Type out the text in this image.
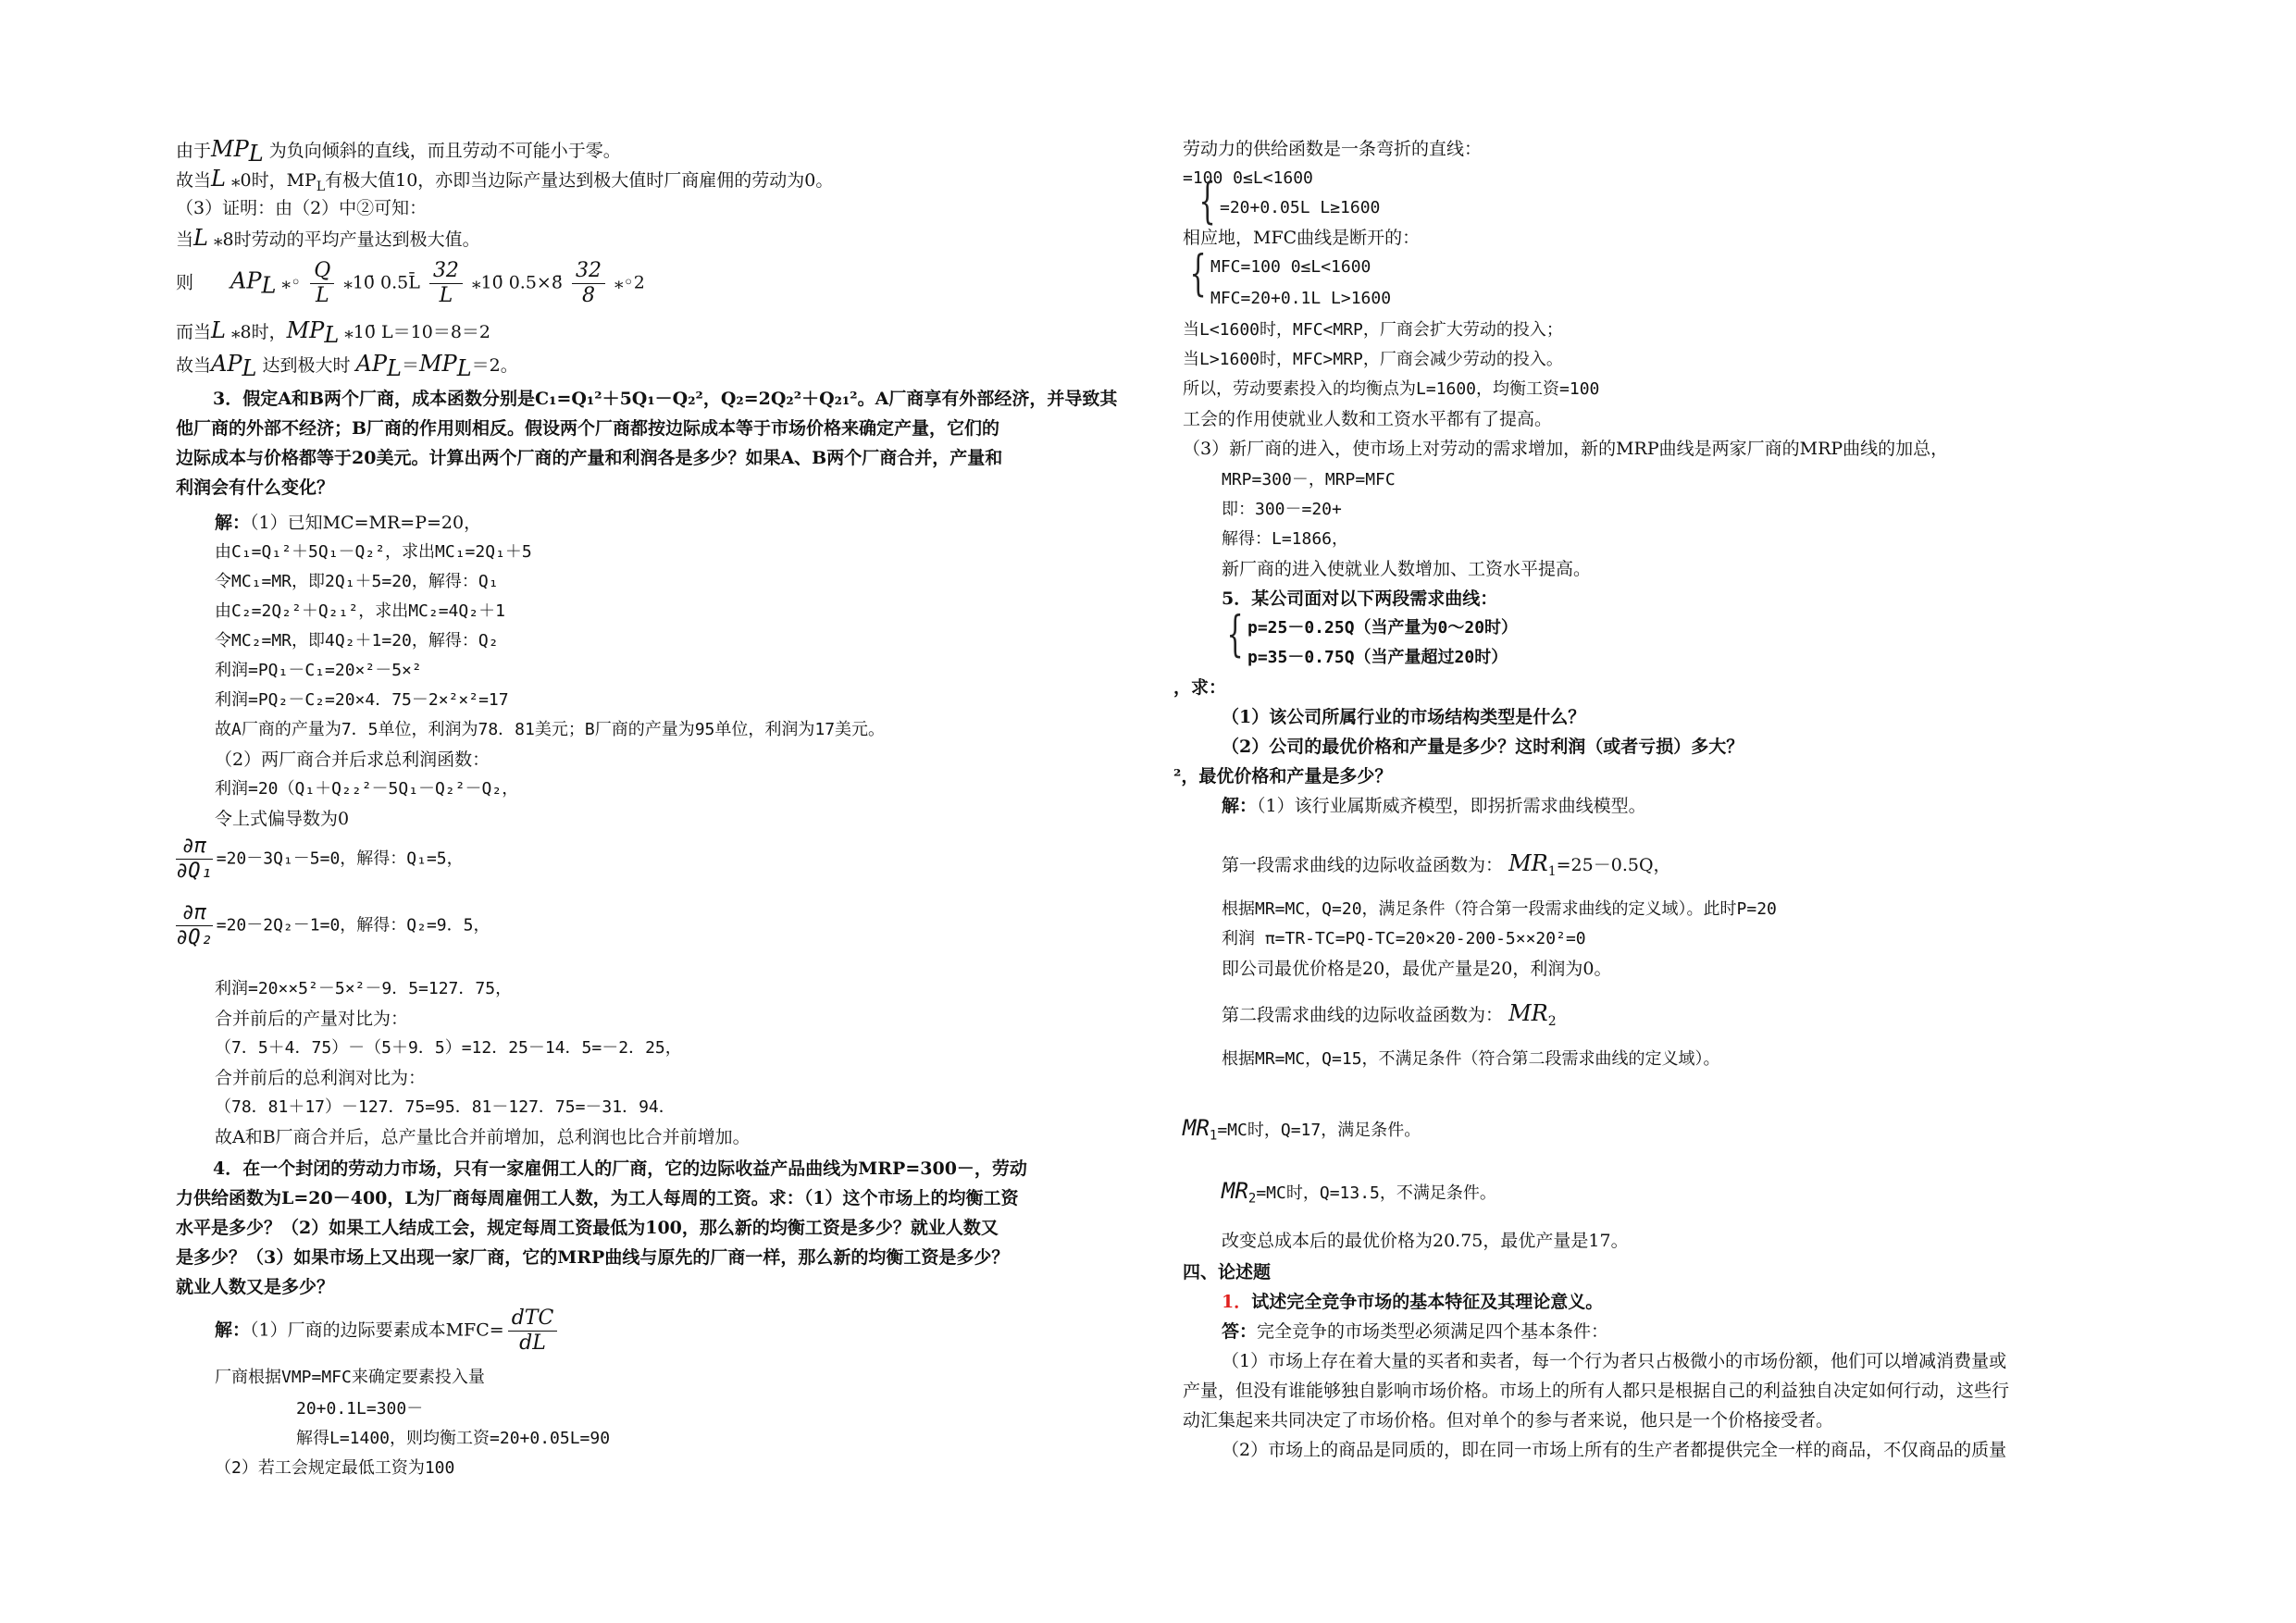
由于$MP_L$ 为负向倾斜的直线，而且劳动不可能小于零。
故当L ⁎0时，$MP_L$有极大值10，亦即当边际产量达到极大值时厂商雇佣的劳动为0。
（3）证明：由（2）中②可知：
当L ⁎8时劳动的平均产量达到极大值。
则 $AP_L$ ⁎◦ $\frac{Q}{L}$ ⁎10̄ 0.5L̄ $\frac{32}{L}$ ⁎10̄ 0.5×8̄ $\frac{32}{8}$ ⁎◦2
而当L ⁎8时，$MP_L$ ⁎10̄ L＝10＝8＝2
故当$AP_L$ 达到极大时 $AP_L=MP_L=2$。
3．假定A和B两个厂商，成本函数分别是C₁=Q₁²＋5Q₁－Q₂²，Q₂=2Q₂²＋Q₂₁²。A厂商享有外部经济，并导致其
他厂商的外部不经济；B厂商的作用则相反。假设两个厂商都按边际成本等于市场价格来确定产量，它们的
边际成本与价格都等于20美元。计算出两个厂商的产量和利润各是多少？如果A、B两个厂商合并，产量和
利润会有什么变化？
解：（1）已知MC=MR=P=20，
由C₁=Q₁²＋5Q₁－Q₂²，求出MC₁=2Q₁＋5
令MC₁=MR，即2Q₁＋5=20，解得：Q₁
由C₂=2Q₂²＋Q₂₁²，求出MC₂=4Q₂＋1
令MC₂=MR，即4Q₂＋1=20，解得：Q₂
利润=PQ₁－C₁=20×²－5×²
利润=PQ₂－C₂=20×4．75－2×²×²=17
故A厂商的产量为7．5单位，利润为78．81美元；B厂商的产量为95单位，利润为17美元。
（2）两厂商合并后求总利润函数：
利润=20（Q₁＋Q₂₂²－5Q₁－Q₂²－Q₂，
令上式偏导数为0
$\frac{\partial\pi}{\text{∂Q₁}} =20-3Q_1-5=0$，解得：Q₁=5，
$\frac{\partial\pi}{\text{∂Q₂}} =20-2Q_2-1=0$，解得：Q₂=9．5，
利润=20××5²－5×²－9．5=127．75，
合并前后的产量对比为：
（7．5＋4．75）－（5＋9．5）=12．25－14．5=－2．25，
合并前后的总利润对比为：
（78．81＋17）－127．75=95．81－127．75=－31．94．
故A和B厂商合并后，总产量比合并前增加，总利润也比合并前增加。
4．在一个封闭的劳动力市场，只有一家雇佣工人的厂商，它的边际收益产品曲线为MRP=300－，劳动
力供给函数为L=20－400，L为厂商每周雇佣工人数，为工人每周的工资。求：（1）这个市场上的均衡工资
水平是多少？（2）如果工人结成工会，规定每周工资最低为100，那么新的均衡工资是多少？就业人数又
是多少？（3）如果市场上又出现一家厂商，它的MRP曲线与原先的厂商一样，那么新的均衡工资是多少？
就业人数又是多少？
解：（1）厂商的边际要素成本$MFC= \frac{\text{dTC}}{dL}$
厂商根据VMP=MFC来确定要素投入量
20+0.1L=300－
解得L=1400，则均衡工资=20+0.05L=90
（2）若工会规定最低工资为100
劳动力的供给函数是一条弯折的直线：
=100 0≤L<1600
{ =20+0.05L L≥1600
相应地，MFC曲线是断开的：
{ MFC=100 0≤L<1600
MFC=20+0.1L L>1600
当L<1600时，MFC<MRP，厂商会扩大劳动的投入；
当L>1600时，MFC>MRP，厂商会减少劳动的投入。
所以，劳动要素投入的均衡点为L=1600，均衡工资=100
工会的作用使就业人数和工资水平都有了提高。
（3）新厂商的进入，使市场上对劳动的需求增加，新的MRP曲线是两家厂商的MRP曲线的加总，
MRP=300－，MRP=MFC
即：300－=20+
解得：L=1866，
新厂商的进入使就业人数增加、工资水平提高。
5．某公司面对以下两段需求曲线：
{ p=25－0.25Q（当产量为0～20时）
p=35－0.75Q（当产量超过20时）
，求：
（1）该公司所属行业的市场结构类型是什么？
（2）公司的最优价格和产量是多少？这时利润（或者亏损）多大？
²，最优价格和产量是多少？
解：（1）该行业属斯威齐模型，即拐折需求曲线模型。
第一段需求曲线的边际收益函数为： $MR_1=25-0.5Q$，
根据MR=MC，Q=20，满足条件（符合第一段需求曲线的定义域）。此时P=20
利润 π=TR-TC=PQ-TC=20×20-200-5××20²=0
即公司最优价格是20，最优产量是20，利润为0。
第二段需求曲线的边际收益函数为： $MR_2$
根据MR=MC，Q=15，不满足条件（符合第二段需求曲线的定义域）。
$MR_1=MC$时，Q=17，满足条件。
$MR_2=MC$时，Q=13.5，不满足条件。
改变总成本后的最优价格为20.75，最优产量是17。
四、论述题
1．试述完全竞争市场的基本特征及其理论意义。
答：完全竞争的市场类型必须满足四个基本条件：
（1）市场上存在着大量的买者和卖者，每一个行为者只占极微小的市场份额，他们可以增减消费量或
产量，但没有谁能够独自影响市场价格。市场上的所有人都只是根据自己的利益独自决定如何行动，这些行
动汇集起来共同决定了市场价格。但对单个的参与者来说，他只是一个价格接受者。
（2）市场上的商品是同质的，即在同一市场上所有的生产者都提供完全一样的商品，不仅商品的质量
